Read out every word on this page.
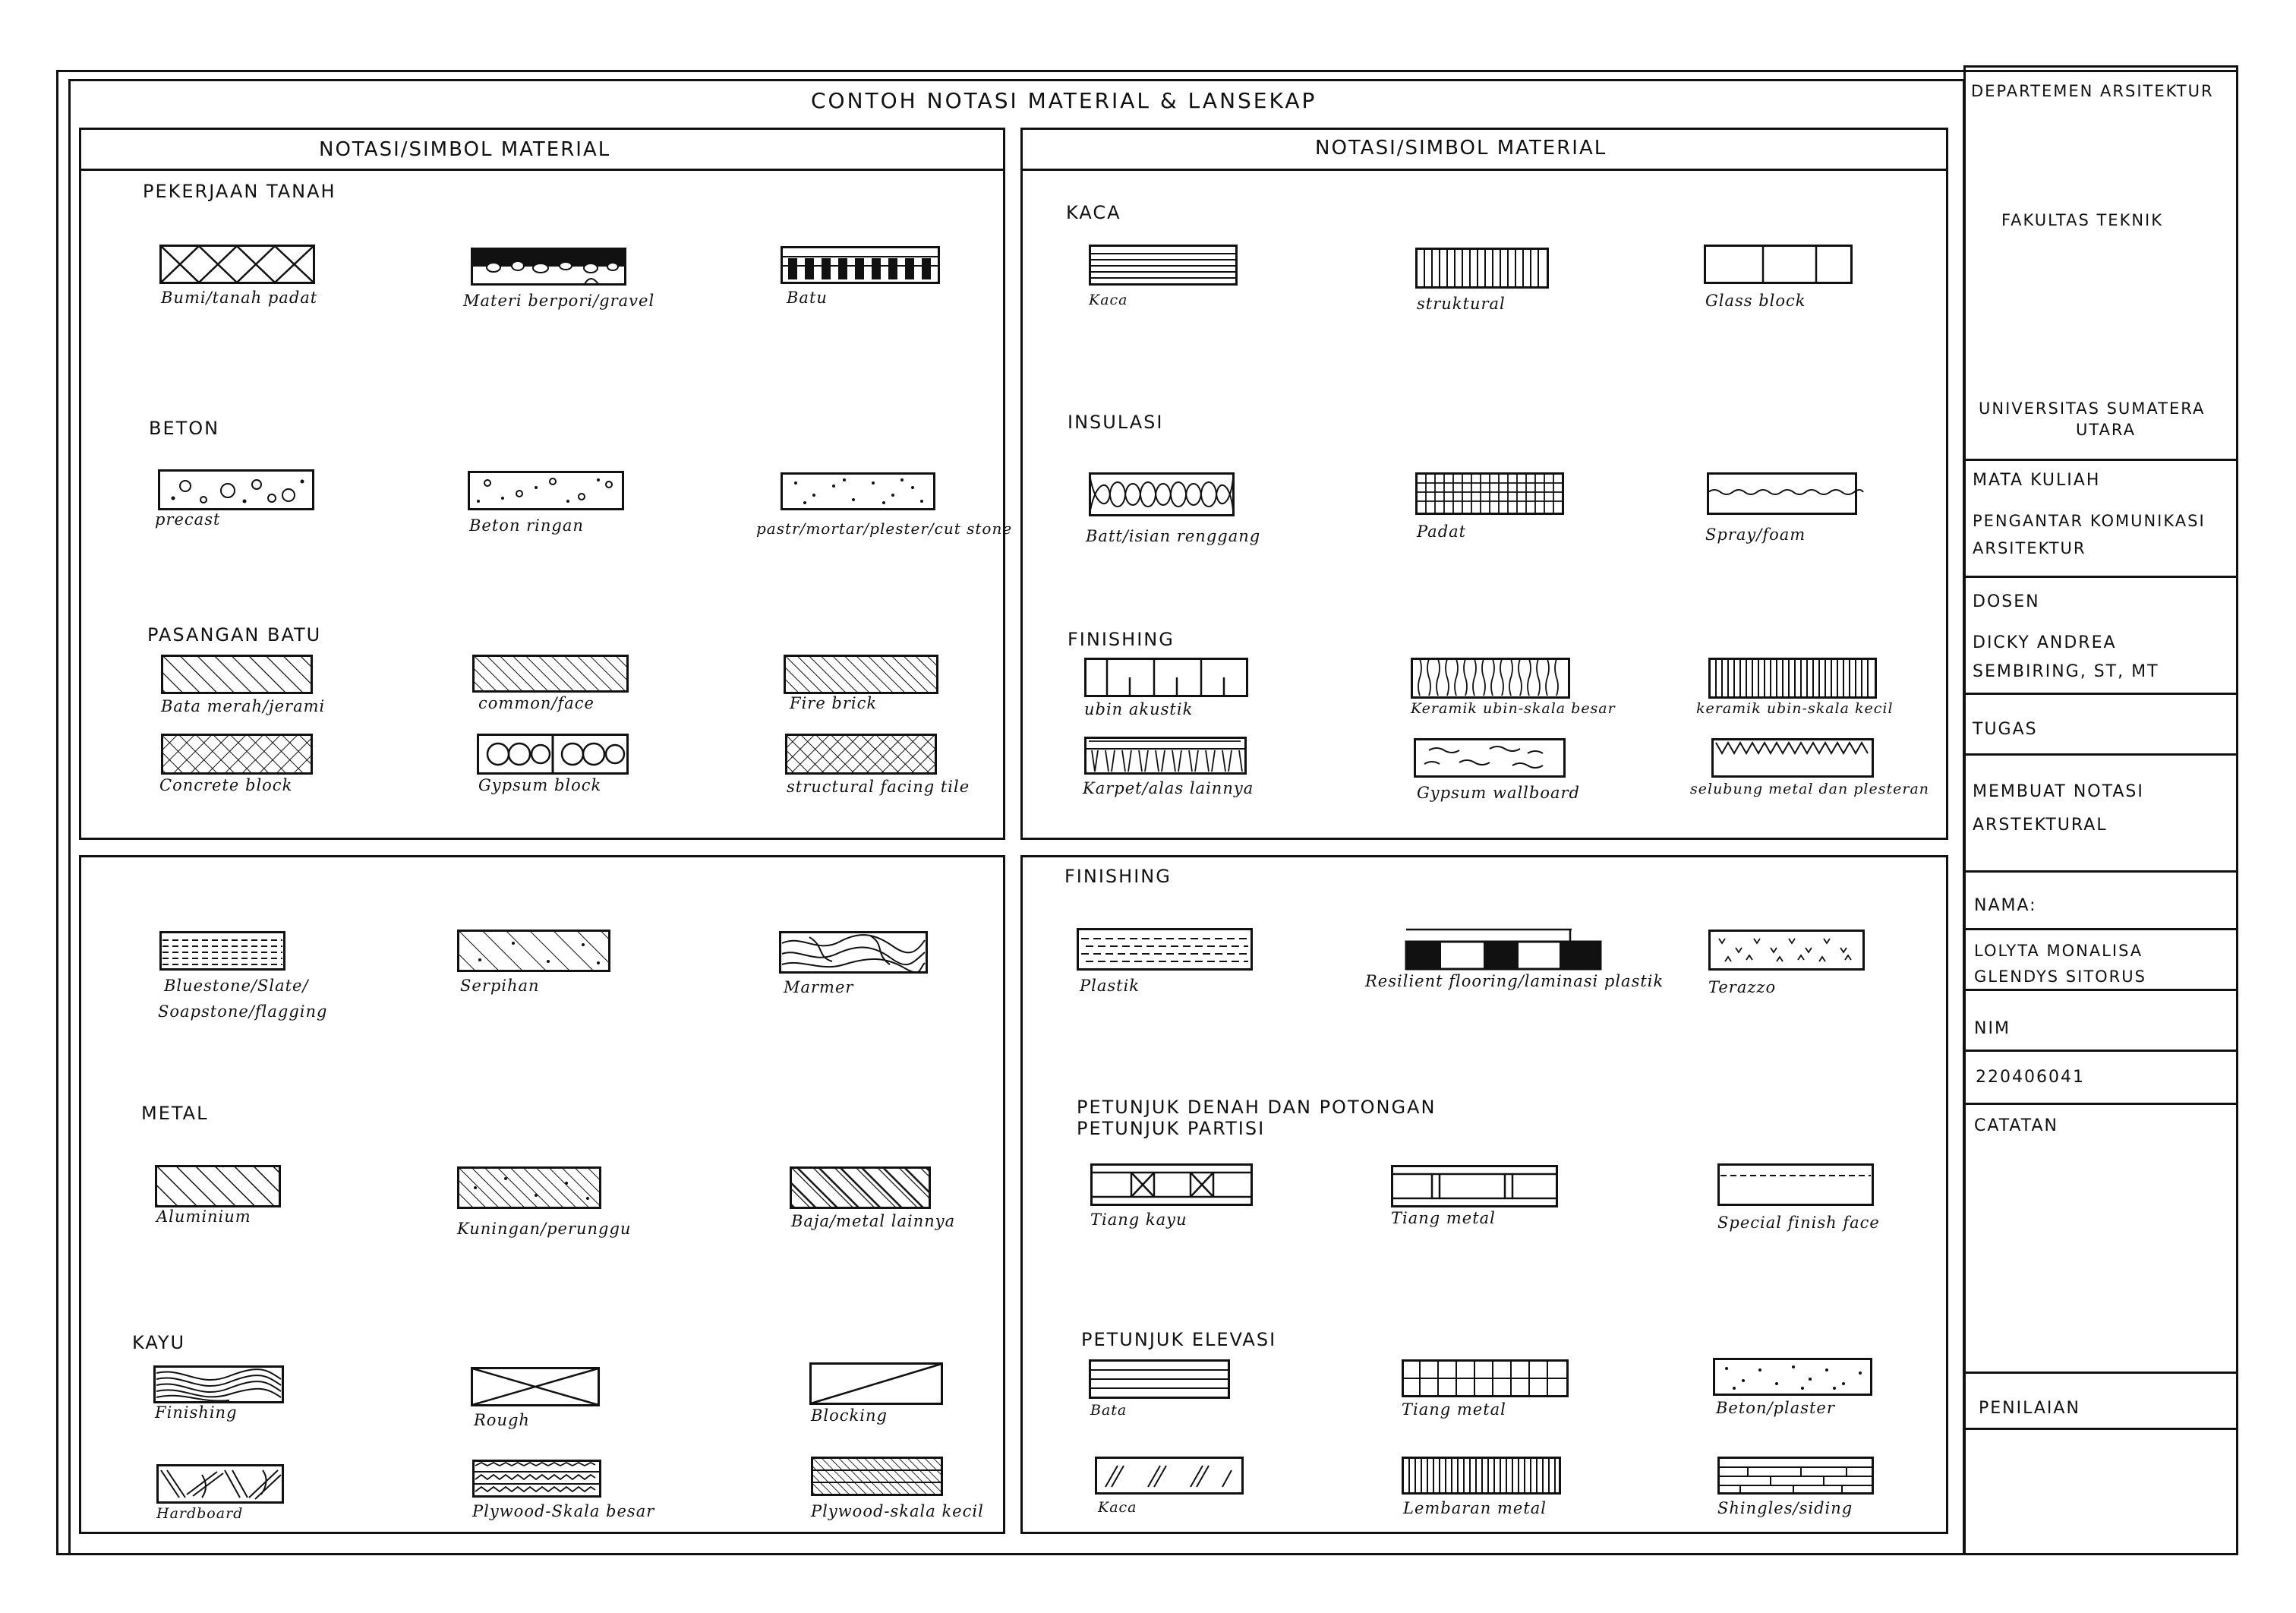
CONTOH NOTASI MATERIAL & LANSEKAP
NOTASI/SIMBOL MATERIAL	NOTASI/SIMBOL MATERIAL
PEKERJAAN TANAH
Bumi/tanah padat	Materi berpori/gravel	Batu
BETON
precast	Beton ringan	pastr/mortar/plester/cut stone
PASANGAN BATU
Bata merah/jerami	common/face	Fire brick
Concrete block	Gypsum block	structural facing tile
Bluestone/Slate/
Soapstone/flagging
Serpihan	Marmer
METAL
Aluminium
Kuningan/perunggu	Baja/metal lainnya
KAYU
Finishing	Rough	Blocking
Hardboard	Plywood-Skala besar	Plywood-skala kecil
KACA
Kaca	struktural	Glass block
INSULASI
Batt/isian renggang	Padat	Spray/foam
FINISHING
ubin akustik	Keramik ubin-skala besar	keramik ubin-skala kecil
Karpet/alas lainnya	Gypsum wallboard	selubung metal dan plesteran
FINISHING
Plastik	Resilient flooring/laminasi plastik	Terazzo
PETUNJUK DENAH DAN POTONGAN
PETUNJUK PARTISI
Tiang kayu	Tiang metal	Special finish face
PETUNJUK ELEVASI
Bata	Tiang metal	Beton/plaster
Kaca	Lembaran metal	Shingles/siding
DEPARTEMEN ARSITEKTUR
FAKULTAS TEKNIK
UNIVERSITAS SUMATERA
UTARA
MATA KULIAH
PENGANTAR KOMUNIKASI
ARSITEKTUR
DOSEN
DICKY ANDREA
SEMBIRING, ST, MT
TUGAS
MEMBUAT NOTASI
ARSTEKTURAL
NAMA:
LOLYTA MONALISA
GLENDYS SITORUS
NIM
220406041
CATATAN
PENILAIAN
